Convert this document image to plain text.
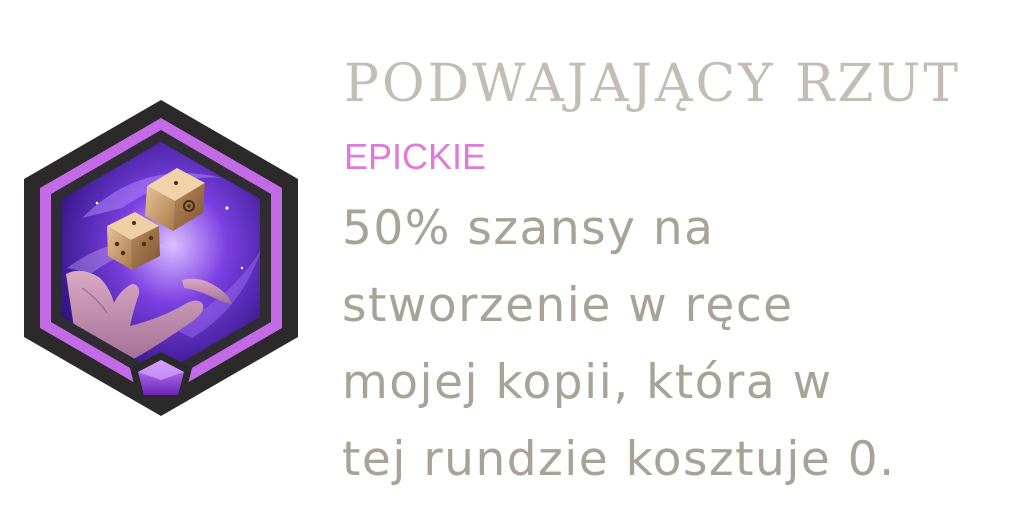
PODWAJAJĄCY RZUT
EPICKIE
50% szansy na
stworzenie w ręce
mojej kopii, która w
tej rundzie kosztuje 0.
